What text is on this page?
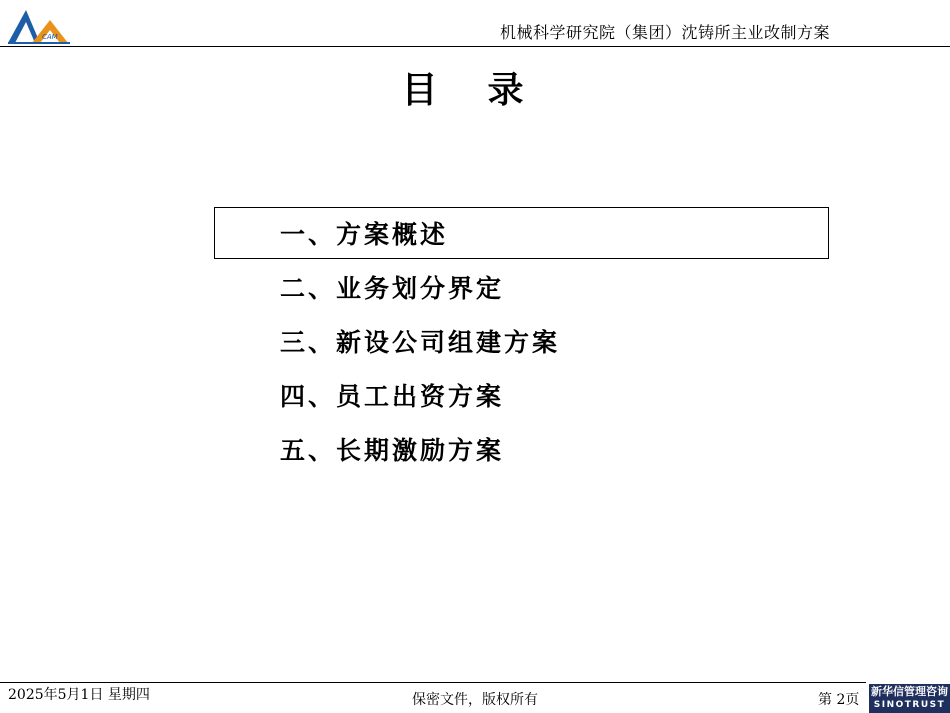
CAM	机械科学研究院（集团）沈铸所主业改制方案
目录
一、方案概述
二、业务划分界定
三、新设公司组建方案
四、员工出资方案
五、长期激励方案
2025年5月1日 星期四	保密文件，版权所有	第 2页
新华信管理咨询
SINOTRUST
